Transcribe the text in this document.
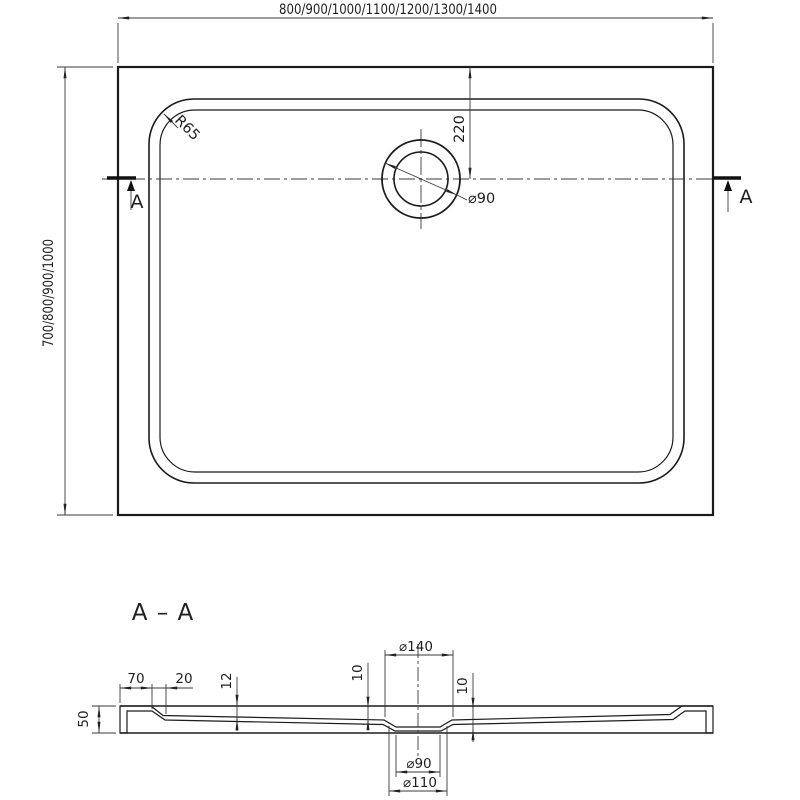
800/900/1000/1100/1200/1300/1400
700/800/900/1000
220
⌀90
R65
A	A
A – A
50
70 20 12	10
10
⌀140
⌀90
⌀110
